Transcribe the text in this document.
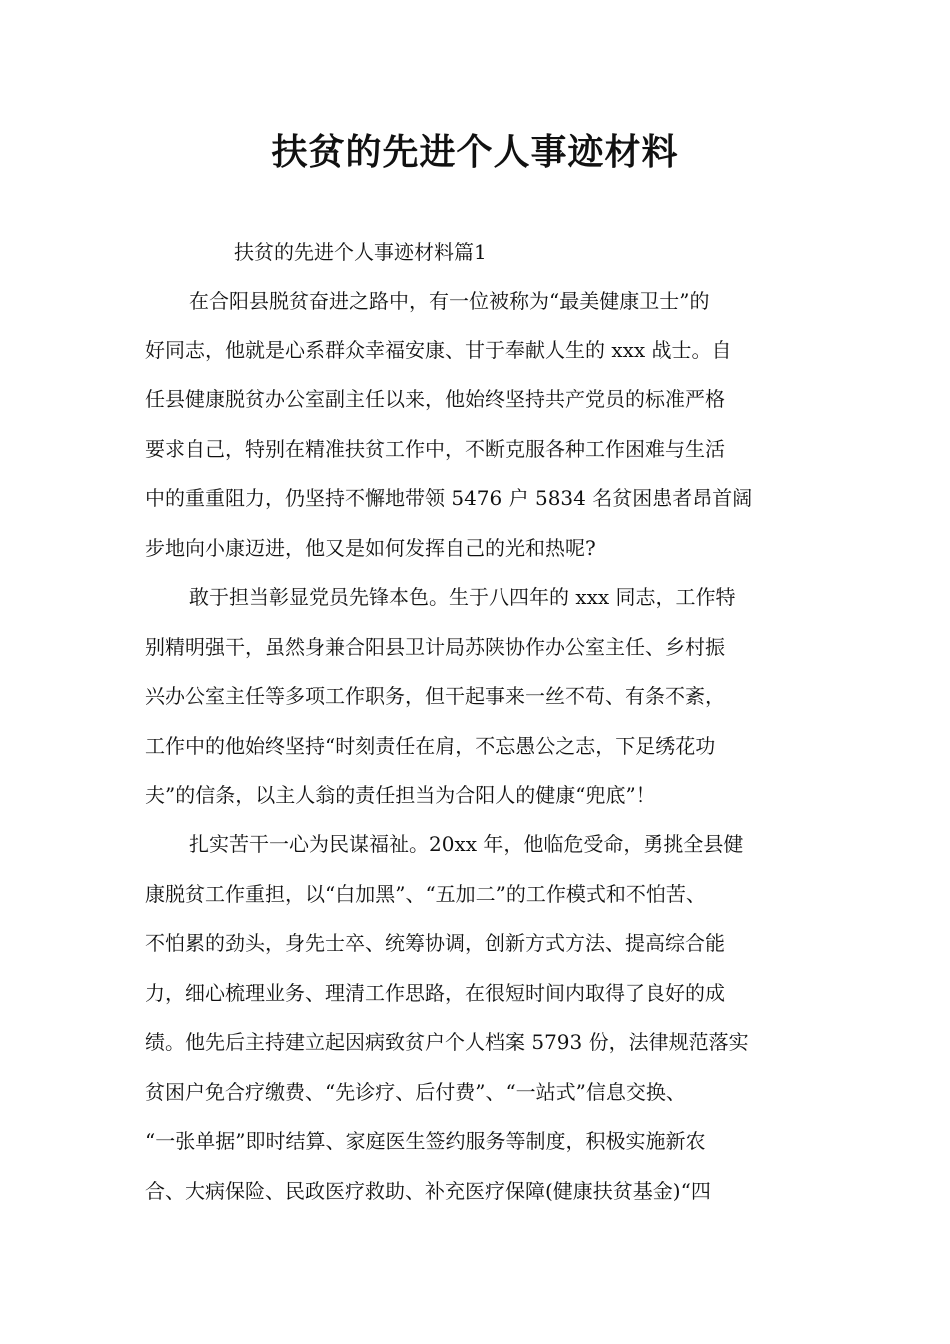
扶贫的先进个人事迹材料

扶贫的先进个人事迹材料篇1

在合阳县脱贫奋进之路中，有一位被称为“最美健康卫士”的

好同志，他就是心系群众幸福安康、甘于奉献人生的 xxx 战士。自

任县健康脱贫办公室副主任以来，他始终坚持共产党员的标准严格

要求自己，特别在精准扶贫工作中，不断克服各种工作困难与生活

中的重重阻力，仍坚持不懈地带领 5476 户 5834 名贫困患者昂首阔

步地向小康迈进，他又是如何发挥自己的光和热呢?

敢于担当彰显党员先锋本色。生于八四年的 xxx 同志，工作特

别精明强干，虽然身兼合阳县卫计局苏陕协作办公室主任、乡村振

兴办公室主任等多项工作职务，但干起事来一丝不苟、有条不紊，

工作中的他始终坚持“时刻责任在肩，不忘愚公之志，下足绣花功

夫”的信条，以主人翁的责任担当为合阳人的健康“兜底”！

扎实苦干一心为民谋福祉。20xx 年，他临危受命，勇挑全县健

康脱贫工作重担，以“白加黑”、“五加二”的工作模式和不怕苦、

不怕累的劲头，身先士卒、统筹协调，创新方式方法、提高综合能

力，细心梳理业务、理清工作思路，在很短时间内取得了良好的成

绩。他先后主持建立起因病致贫户个人档案 5793 份，法律规范落实

贫困户免合疗缴费、“先诊疗、后付费”、“一站式”信息交换、

“一张单据”即时结算、家庭医生签约服务等制度，积极实施新农

合、大病保险、民政医疗救助、补充医疗保障(健康扶贫基金)“四
